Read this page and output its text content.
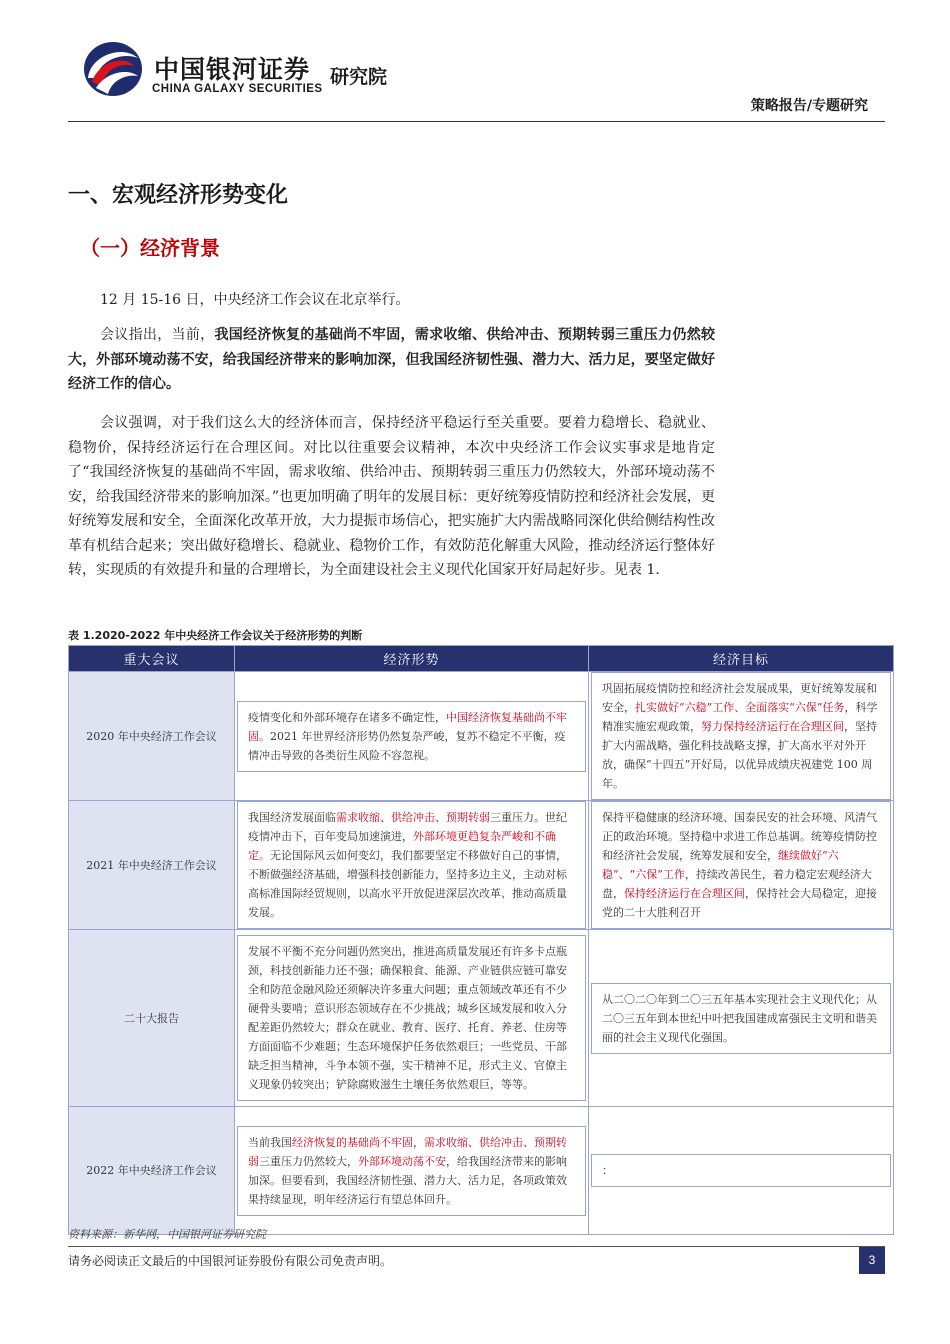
中国银河证券
CHINA GALAXY SECURITIES
研究院
策略报告/专题研究
一、宏观经济形势变化
（一）经济背景

12 月 15-16 日，中央经济工作会议在北京举行。

会议指出，当前，我国经济恢复的基础尚不牢固，需求收缩、供给冲击、预期转弱三重压力仍然较大，外部环境动荡不安，给我国经济带来的影响加深，但我国经济韧性强、潜力大、活力足，要坚定做好经济工作的信心。

会议强调，对于我们这么大的经济体而言，保持经济平稳运行至关重要。要着力稳增长、稳就业、稳物价，保持经济运行在合理区间。对比以往重要会议精神，本次中央经济工作会议实事求是地肯定了“我国经济恢复的基础尚不牢固，需求收缩、供给冲击、预期转弱三重压力仍然较大，外部环境动荡不安，给我国经济带来的影响加深。”也更加明确了明年的发展目标：更好统筹疫情防控和经济社会发展，更好统筹发展和安全，全面深化改革开放，大力提振市场信心，把实施扩大内需战略同深化供给侧结构性改革有机结合起来；突出做好稳增长、稳就业、稳物价工作，有效防范化解重大风险，推动经济运行整体好转，实现质的有效提升和量的合理增长，为全面建设社会主义现代化国家开好局起好步。见表 1.

表 1.2020-2022 年中央经济工作会议关于经济形势的判断
重大会议	经济形势	经济目标
2020 年中央经济工作会议	疫情变化和外部环境存在诸多不确定性，中国经济恢复基础尚不牢固。2021 年世界经济形势仍然复杂严峻，复苏不稳定不平衡，疫情冲击导致的各类衍生风险不容忽视。	巩固拓展疫情防控和经济社会发展成果，更好统筹发展和安全，扎实做好“六稳”工作、全面落实“六保”任务，科学精准实施宏观政策，努力保持经济运行在合理区间，坚持扩大内需战略，强化科技战略支撑，扩大高水平对外开放，确保“十四五”开好局，以优异成绩庆祝建党 100 周年。

2021 年中央经济工作会议	我国经济发展面临需求收缩、供给冲击、预期转弱三重压力。世纪疫情冲击下，百年变局加速演进，外部环境更趋复杂严峻和不确定。无论国际风云如何变幻，我们都要坚定不移做好自己的事情，不断做强经济基础，增强科技创新能力，坚持多边主义，主动对标高标准国际经贸规则，以高水平开放促进深层次改革、推动高质量发展。	保持平稳健康的经济环境、国泰民安的社会环境、风清气正的政治环境。坚持稳中求进工作总基调。统筹疫情防控和经济社会发展，统筹发展和安全，继续做好“六稳”、“六保”工作，持续改善民生，着力稳定宏观经济大盘，保持经济运行在合理区间，保持社会大局稳定，迎接党的二十大胜利召开

二十大报告	发展不平衡不充分问题仍然突出，推进高质量发展还有许多卡点瓶颈，科技创新能力还不强；确保粮食、能源、产业链供应链可靠安全和防范金融风险还须解决许多重大问题；重点领域改革还有不少硬骨头要啃；意识形态领域存在不少挑战；城乡区域发展和收入分配差距仍然较大；群众在就业、教育、医疗、托育、养老、住房等方面面临不少难题；生态环境保护任务依然艰巨；一些党员、干部缺乏担当精神，斗争本领不强，实干精神不足，形式主义、官僚主义现象仍较突出；铲除腐败滋生土壤任务依然艰巨，等等。	从二〇二〇年到二〇三五年基本实现社会主义现代化；从二〇三五年到本世纪中叶把我国建成富强民主文明和谐美丽的社会主义现代化强国。

2022 年中央经济工作会议	当前我国经济恢复的基础尚不牢固，需求收缩、供给冲击、预期转弱三重压力仍然较大，外部环境动荡不安，给我国经济带来的影响加深。但要看到，我国经济韧性强、潜力大、活力足，各项政策效果持续显现，明年经济运行有望总体回升。	：
资料来源：新华网，中国银河证券研究院
请务必阅读正文最后的中国银河证券股份有限公司免责声明。	3
